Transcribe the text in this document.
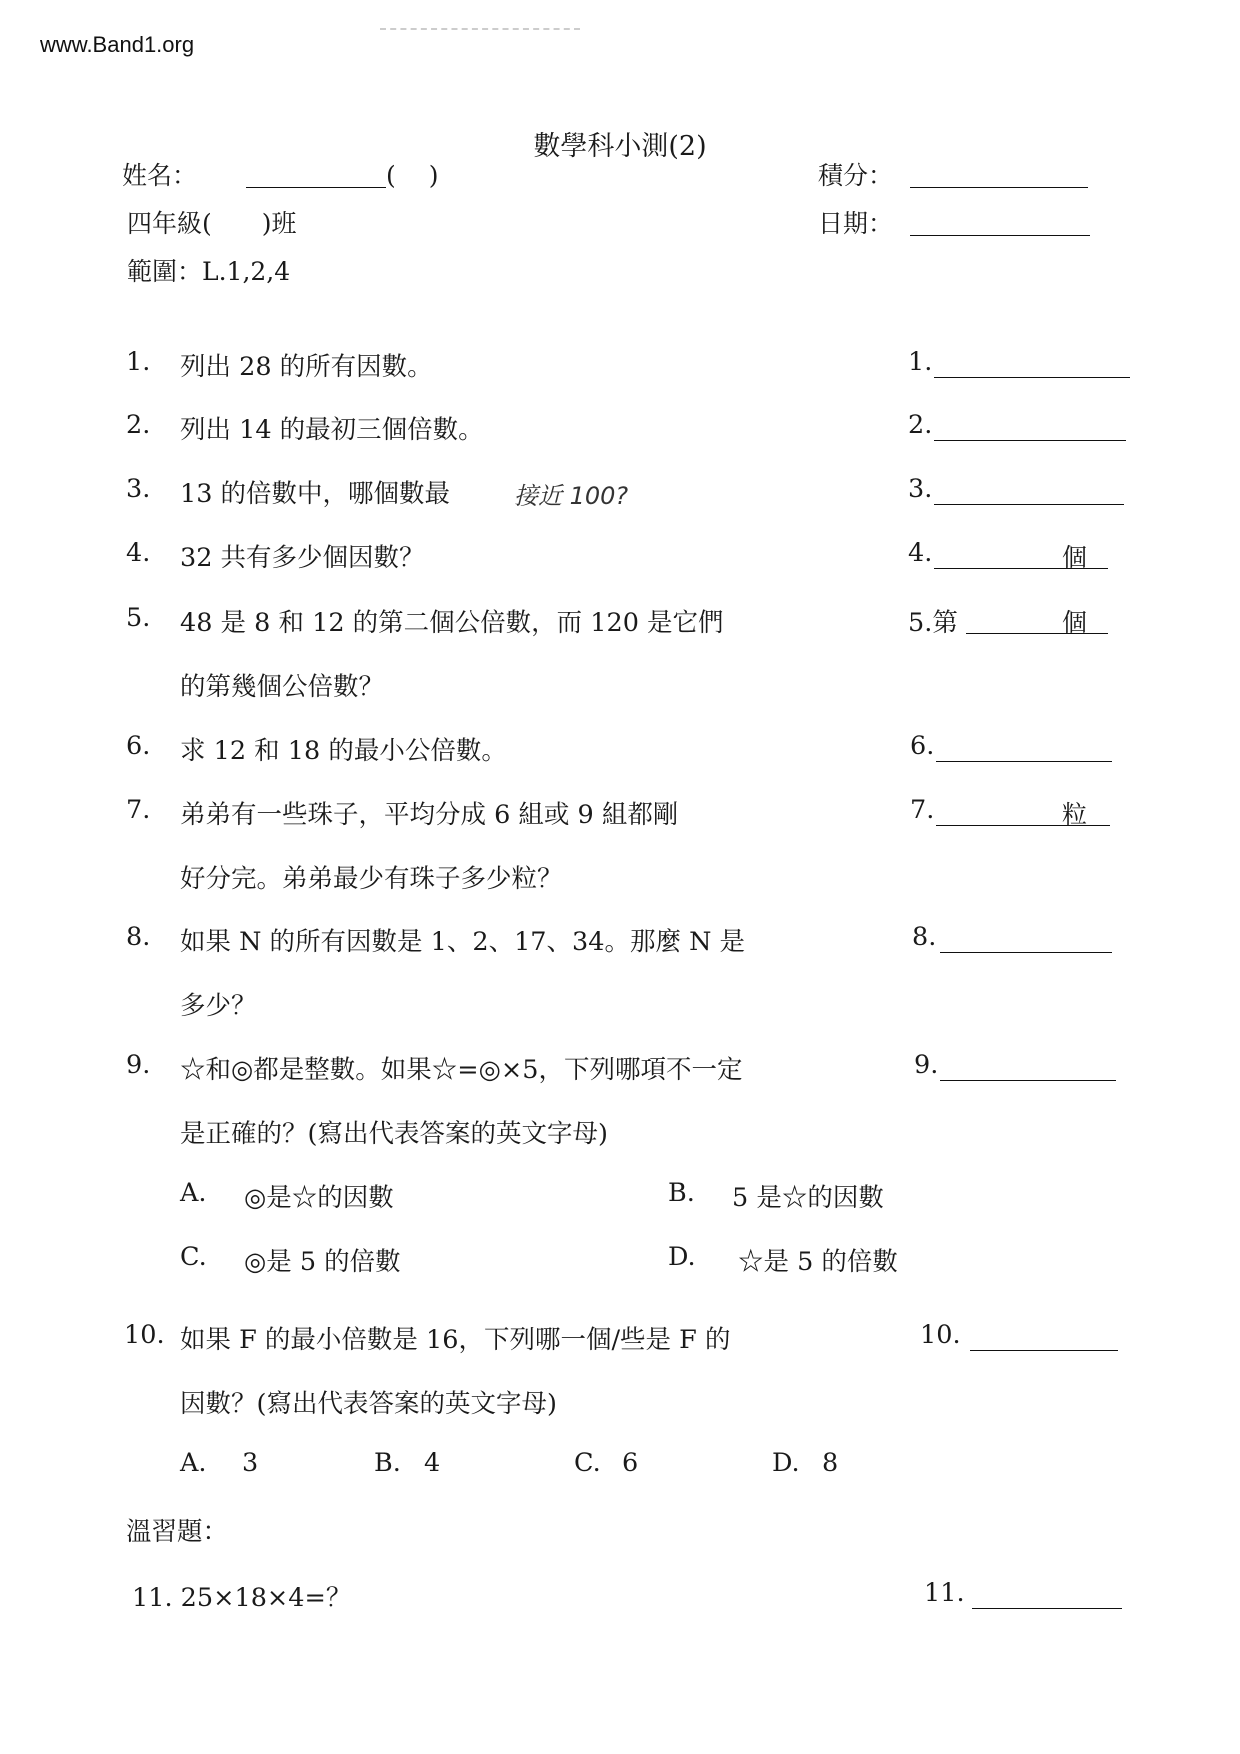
www.Band1.org
數學科小測(2)
姓名：	(　 )	積分：
四年級(　　)班	日期：
範圍：L.1,2,4
1. 列出 28 的所有因數。	1.
2. 列出 14 的最初三個倍數。	2.
3. 13 的倍數中，哪個數最	接近 100?	3.
4. 32 共有多少個因數？	4.	個
5. 48 是 8 和 12 的第二個公倍數，而 120 是它們
的第幾個公倍數？
5.第	個
6. 求 12 和 18 的最小公倍數。	6.
7. 弟弟有一些珠子，平均分成 6 組或 9 組都剛
好分完。弟弟最少有珠子多少粒？
7.	粒
8. 如果 N 的所有因數是 1、2、17、34。那麼 N 是
多少？
8.
9. ☆和◎都是整數。如果☆=◎×5，下列哪項不一定
是正確的？(寫出代表答案的英文字母)
9.
A. ◎是☆的因數	B. 5 是☆的因數
C. ◎是 5 的倍數	D. ☆是 5 的倍數
10. 如果 F 的最小倍數是 16，下列哪一個/些是 F 的
因數？(寫出代表答案的英文字母)
10.
A. 3	B. 4	C. 6	D. 8
溫習題：
11. 25×18×4=？	11.
